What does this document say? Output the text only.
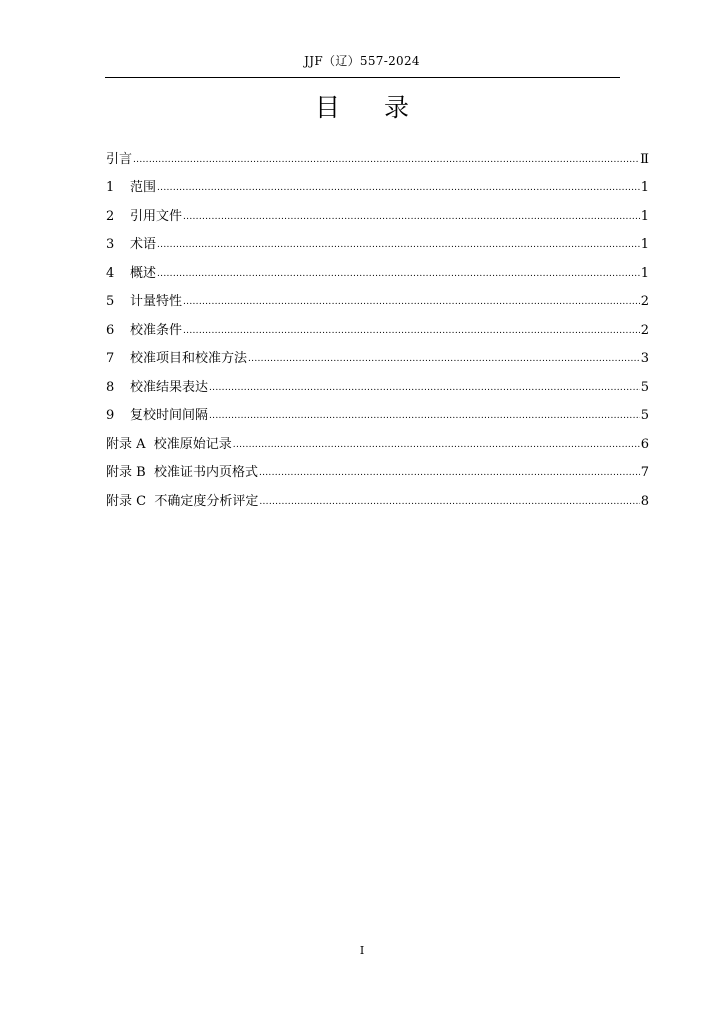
JJF（辽）557-2024
目 录
引言 .....	Ⅱ
1	范围 .....	1
2	引用文件 .....	1
3	术语 .....	1
4	概述 .....	1
5	计量特性 .....	2
6	校准条件 .....	2
7	校准项目和校准方法 .....	3
8	校准结果表达 .....	5
9	复校时间间隔 .....	5
附录 A  校准原始记录 .....	6
附录 B  校准证书内页格式 .....	7
附录 C  不确定度分析评定 .....	8
I
